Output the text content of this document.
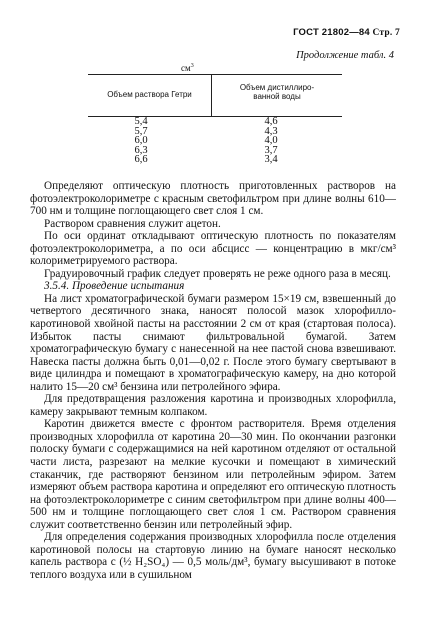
ГОСТ 21802—84 Стр. 7
Продолжение табл. 4
$см^3$
Объем раствора Гетри
Объем дистиллиро-
ванной воды
5,4
5,7
6,0
6,3
6,6
4,6
4,3
4,0
3,7
3,4

Определяют оптическую плотность приготовленных растворов на фотоэлектроколориметре с красным светофильтром при длине волны 610—700 нм и толщине поглощающего свет слоя 1 см.

Раствором сравнения служит ацетон.

По оси ординат откладывают оптическую плотность по показателям фотоэлектроколориметра, а по оси абсцисс — концентрацию в мкг/см³ колориметрируемого раствора.

Градуировочный график следует проверять не реже одного раза в месяц.

3.5.4. Проведение испытания

На лист хроматографической бумаги размером 15×19 см, взвешенный до четвертого десятичного знака, наносят полосой мазок хлорофилло-каротиновой хвойной пасты на расстоянии 2 см от края (стартовая полоса). Избыток пасты снимают фильтровальной бумагой. Затем хроматографическую бумагу с нанесенной на нее пастой снова взвешивают. Навеска пасты должна быть 0,01—0,02 г. После этого бумагу свертывают в виде цилиндра и помещают в хроматографическую камеру, на дно которой налито 15—20 см³ бензина или петролейного эфира.

Для предотвращения разложения каротина и производных хлорофилла, камеру закрывают темным колпаком.

Каротин движется вместе с фронтом растворителя. Время отделения производных хлорофилла от каротина 20—30 мин. По окончании разгонки полоску бумаги с содержащимися на ней каротином отделяют от остальной части листа, разрезают на мелкие кусочки и помещают в химический стаканчик, где растворяют бензином или петролейным эфиром. Затем измеряют объем раствора каротина и определяют его оптическую плотность на фотоэлектроколориметре с синим светофильтром при длине волны 400—500 нм и толщине поглощающего свет слоя 1 см. Раствором сравнения служит соответственно бензин или петролейный эфир.

Для определения содержания производных хлорофилла после отделения каротиновой полосы на стартовую линию на бумаге наносят несколько капель раствора с (½ H₂SO₄) — 0,5 моль/дм³, бумагу высушивают в потоке теплого воздуха или в сушильном
